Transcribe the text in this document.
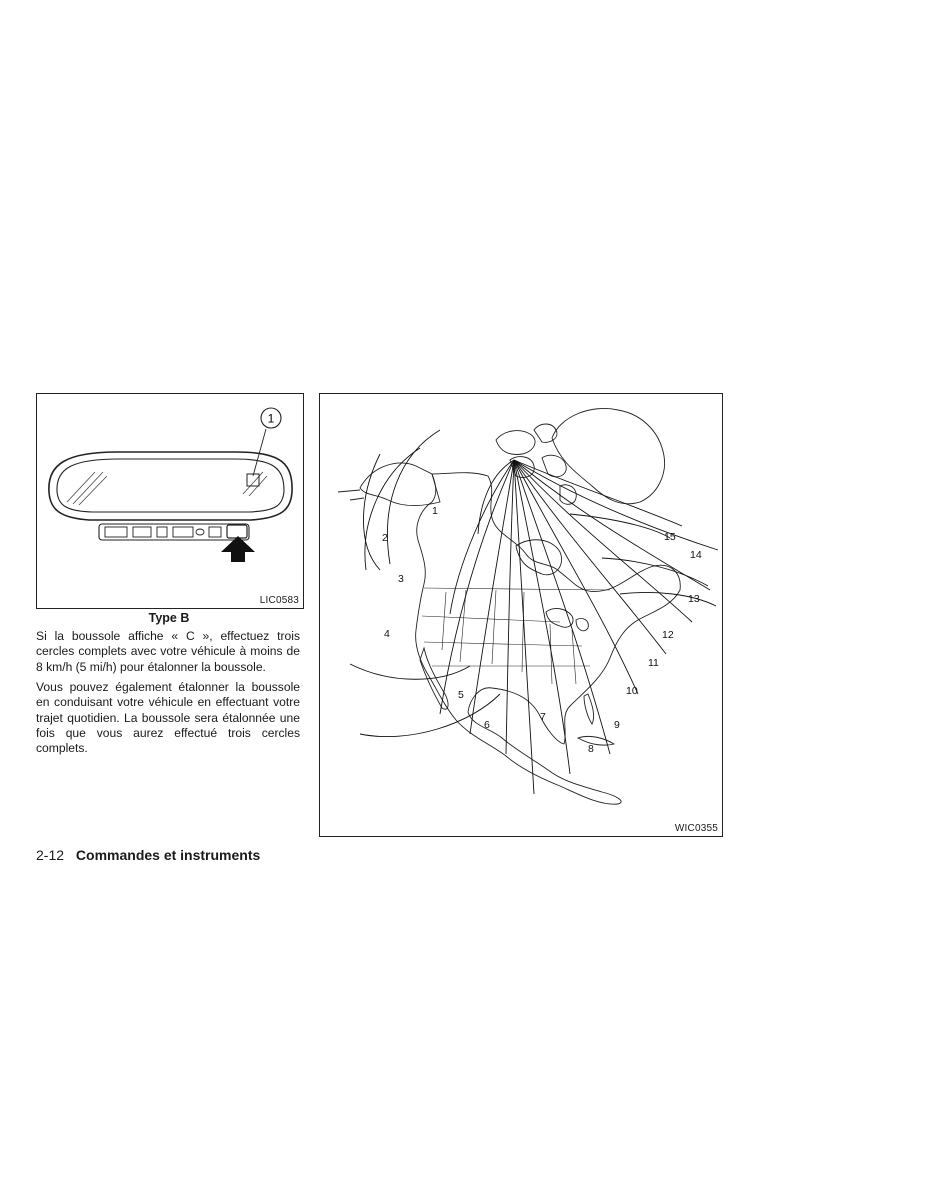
1
LIC0583
Type B

Si la boussole affiche « C », effectuez trois cercles complets avec votre véhicule à moins de 8 km/h (5 mi/h) pour étalonner la boussole.

Vous pouvez également étalonner la boussole en conduisant votre véhicule en effectuant votre trajet quotidien. La boussole sera étalonnée une fois que vous aurez effectué trois cercles complets.

1
2
3
4
5
6
7
8
9
10
11
12
13
14
15
WIC0355
2-12 Commandes et instruments
